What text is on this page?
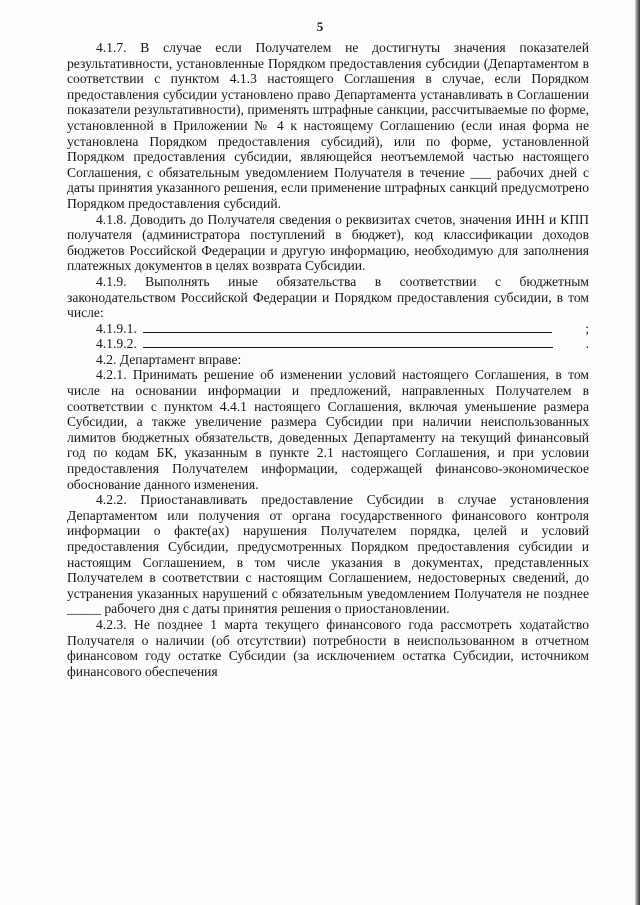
5

4.1.7. В случае если Получателем не достигнуты значения показателей результативности, установленные Порядком предоставления субсидии (Департаментом в соответствии с пунктом 4.1.3 настоящего Соглашения в случае, если Порядком предоставления субсидии установлено право Департамента устанавливать в Соглашении показатели результативности), применять штрафные санкции, рассчитываемые по форме, установленной в Приложении № 4 к настоящему Соглашению (если иная форма не установлена Порядком предоставления субсидий), или по форме, установленной Порядком предоставления субсидии, являющейся неотъемлемой частью настоящего Соглашения, с обязательным уведомлением Получателя в течение ___ рабочих дней с даты принятия указанного решения, если применение штрафных санкций предусмотрено Порядком предоставления субсидий.

4.1.8. Доводить до Получателя сведения о реквизитах счетов, значения ИНН и КПП получателя (администратора поступлений в бюджет), код классификации доходов бюджетов Российской Федерации и другую информацию, необходимую для заполнения платежных документов в целях возврата Субсидии.

4.1.9. Выполнять иные обязательства в соответствии с бюджетным законодательством Российской Федерации и Порядком предоставления субсидии, в том числе:

4.1.9.1.	;
4.1.9.2.	.

4.2. Департамент вправе:

4.2.1. Принимать решение об изменении условий настоящего Соглашения, в том числе на основании информации и предложений, направленных Получателем в соответствии с пунктом 4.4.1 настоящего Соглашения, включая уменьшение размера Субсидии, а также увеличение размера Субсидии при наличии неиспользованных лимитов бюджетных обязательств, доведенных Департаменту на текущий финансовый год по кодам БК, указанным в пункте 2.1 настоящего Соглашения, и при условии предоставления Получателем информации, содержащей финансово-экономическое обоснование данного изменения.

4.2.2. Приостанавливать предоставление Субсидии в случае установления Департаментом или получения от органа государственного финансового контроля информации о факте(ах) нарушения Получателем порядка, целей и условий предоставления Субсидии, предусмотренных Порядком предоставления субсидии и настоящим Соглашением, в том числе указания в документах, представленных Получателем в соответствии с настоящим Соглашением, недостоверных сведений, до устранения указанных нарушений с обязательным уведомлением Получателя не позднее _____ рабочего дня с даты принятия решения о приостановлении.

4.2.3. Не позднее 1 марта текущего финансового года рассмотреть ходатайство Получателя о наличии (об отсутствии) потребности в неиспользованном в отчетном финансовом году остатке Субсидии (за исключением остатка Субсидии, источником финансового обеспечения
